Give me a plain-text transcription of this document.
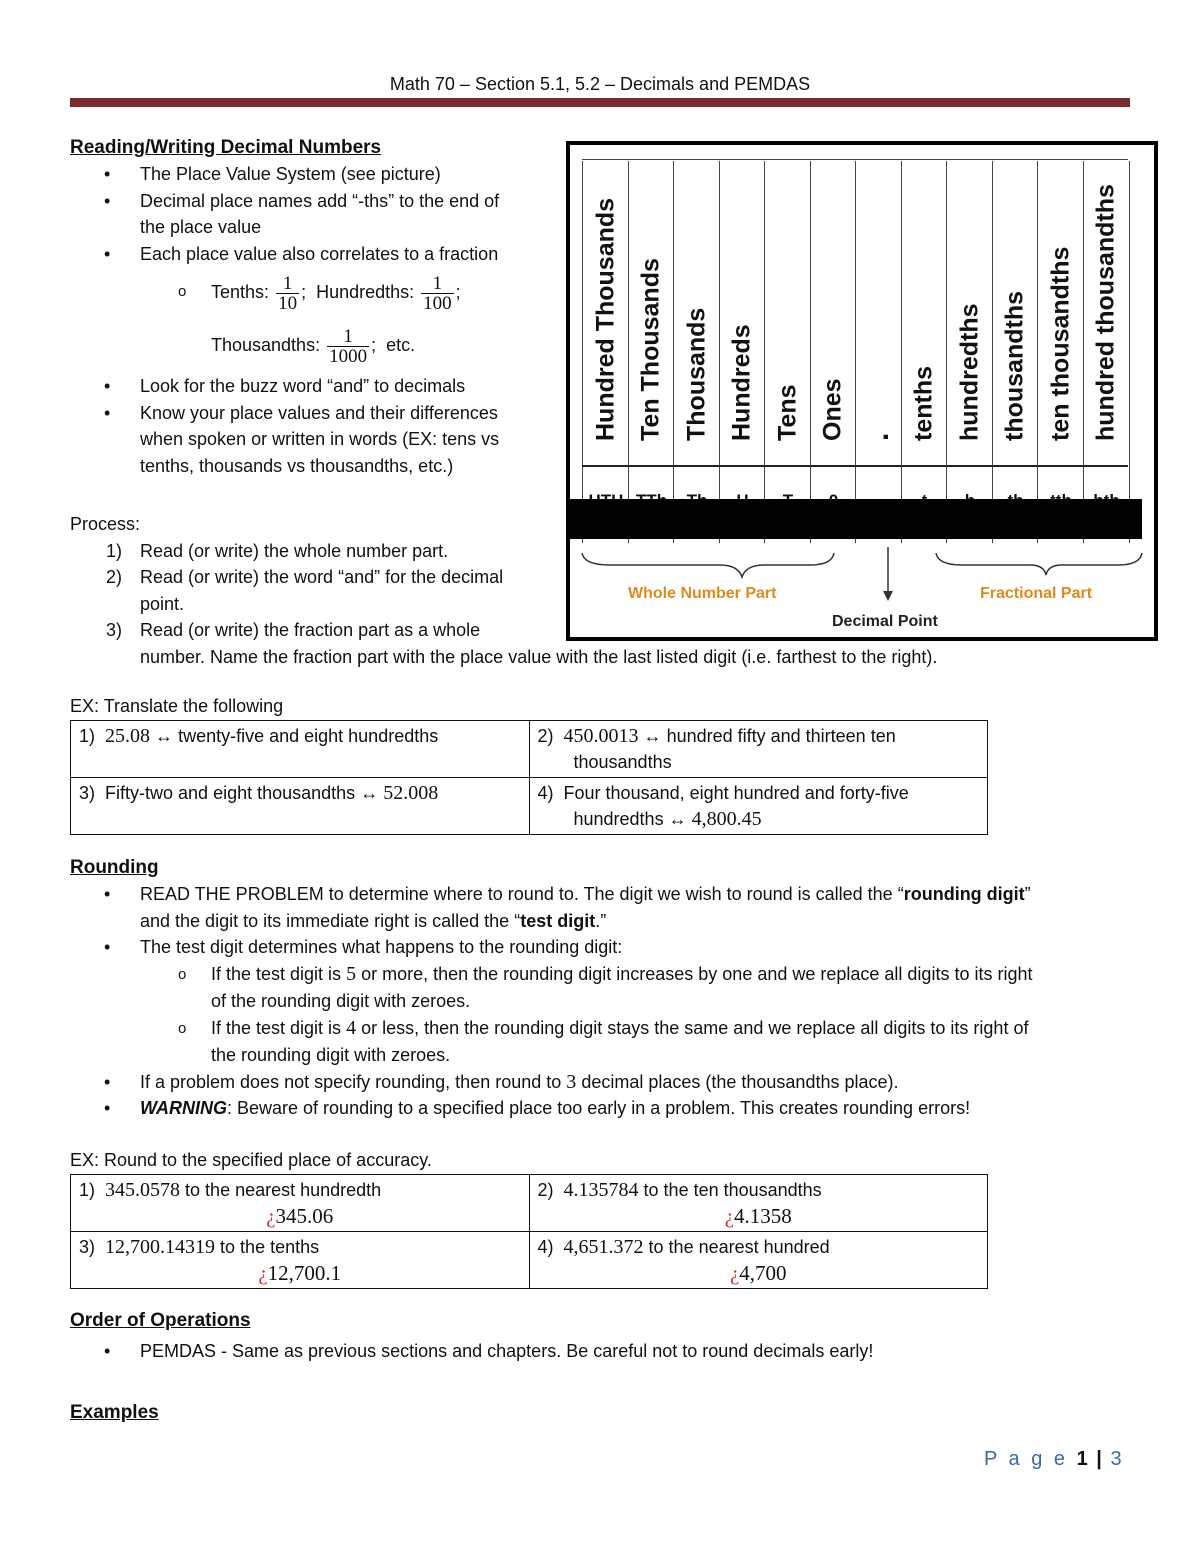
Math 70 – Section 5.1, 5.2 – Decimals and PEMDAS
Reading/Writing Decimal Numbers
• The Place Value System (see picture)
• Decimal place names add “-ths” to the end of
the place value
• Each place value also correlates to a fraction
o Tenths: $\frac{1}{10}$ ; Hundredths: $\frac{1}{100}$ ;
Thousandths: $\frac{1}{1000}$ ; etc.
• Look for the buzz word “and” to decimals
• Know your place values and their differences
when spoken or written in words (EX: tens vs
tenths, thousands vs thousandths, etc.)
Process:
1) Read (or write) the whole number part.
2) Read (or write) the word “and” for the decimal
point.
3) Read (or write) the fraction part as a whole
number. Name the fraction part with the place value with the last listed digit (i.e. farthest to the right).
Hundred Thousands Ten Thousands Thousands Hundreds Tens Ones . tenths hundredths thousandths ten thousandths hundred thousandths
Whole Number Part	Fractional Part
Decimal Point
EX: Translate the following
1) 25.08 ↔ twenty-five and eight hundredths	2) 450.0013 ↔ hundred fifty and thirteen ten
thousandths
3) Fifty-two and eight thousandths ↔ 52.008	4) Four thousand, eight hundred and forty-five
hundredths ↔ 4,800.45
Rounding
• READ THE PROBLEM to determine where to round to. The digit we wish to round is called the “rounding digit”
and the digit to its immediate right is called the “test digit.”
• The test digit determines what happens to the rounding digit:
o If the test digit is 5 or more, then the rounding digit increases by one and we replace all digits to its right
of the rounding digit with zeroes.
o If the test digit is 4 or less, then the rounding digit stays the same and we replace all digits to its right of
the rounding digit with zeroes.
• If a problem does not specify rounding, then round to 3 decimal places (the thousandths place).
• WARNING: Beware of rounding to a specified place too early in a problem. This creates rounding errors!
EX: Round to the specified place of accuracy.
1) 345.0578 to the nearest hundredth
¿345.06	2) 4.135784 to the ten thousandths
¿4.1358

3) 12,700.14319 to the tenths
¿12,700.1	4) 4,651.372 to the nearest hundred
¿4,700
Order of Operations
• PEMDAS - Same as previous sections and chapters. Be careful not to round decimals early!
Examples
P a g e 1 | 3
